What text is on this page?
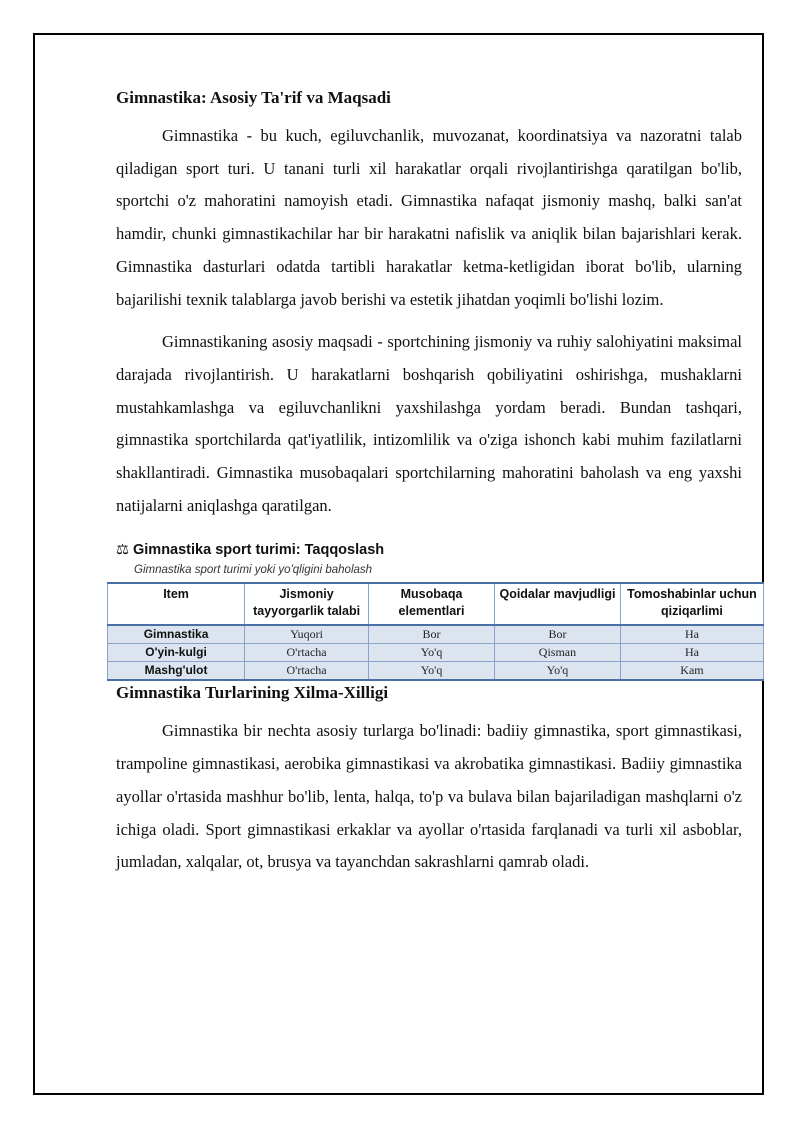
Gimnastika: Asosiy Ta'rif va Maqsadi

Gimnastika - bu kuch, egiluvchanlik, muvozanat, koordinatsiya va nazoratni talab qiladigan sport turi. U tanani turli xil harakatlar orqali rivojlantirishga qaratilgan bo'lib, sportchi o'z mahoratini namoyish etadi. Gimnastika nafaqat jismoniy mashq, balki san'at hamdir, chunki gimnastikachilar har bir harakatni nafislik va aniqlik bilan bajarishlari kerak. Gimnastika dasturlari odatda tartibli harakatlar ketma-ketligidan iborat bo'lib, ularning bajarilishi texnik talablarga javob berishi va estetik jihatdan yoqimli bo'lishi lozim.

Gimnastikaning asosiy maqsadi - sportchining jismoniy va ruhiy salohiyatini maksimal darajada rivojlantirish. U harakatlarni boshqarish qobiliyatini oshirishga, mushaklarni mustahkamlashga va egiluvchanlikni yaxshilashga yordam beradi. Bundan tashqari, gimnastika sportchilarda qat'iyatlilik, intizomlilik va o'ziga ishonch kabi muhim fazilatlarni shakllantiradi. Gimnastika musobaqalari sportchilarning mahoratini baholash va eng yaxshi natijalarni aniqlashga qaratilgan.

⚖ Gimnastika sport turimi: Taqqoslash
Gimnastika sport turimi yoki yo'qligini baholash
Item	Jismoniy tayyorgarlik talabi	Musobaqa elementlari	Qoidalar mavjudligi	Tomoshabinlar uchun qiziqarlimi
Gimnastika	Yuqori	Bor	Bor	Ha
O'yin-kulgi	O'rtacha	Yo'q	Qisman	Ha
Mashg'ulot	O'rtacha	Yo'q	Yo'q	Kam
Gimnastika Turlarining Xilma-Xilligi

Gimnastika bir nechta asosiy turlarga bo'linadi: badiiy gimnastika, sport gimnastikasi, trampoline gimnastikasi, aerobika gimnastikasi va akrobatika gimnastikasi. Badiiy gimnastika ayollar o'rtasida mashhur bo'lib, lenta, halqa, to'p va bulava bilan bajariladigan mashqlarni o'z ichiga oladi. Sport gimnastikasi erkaklar va ayollar o'rtasida farqlanadi va turli xil asboblar, jumladan, xalqalar, ot, brusya va tayanchdan sakrashlarni qamrab oladi.
